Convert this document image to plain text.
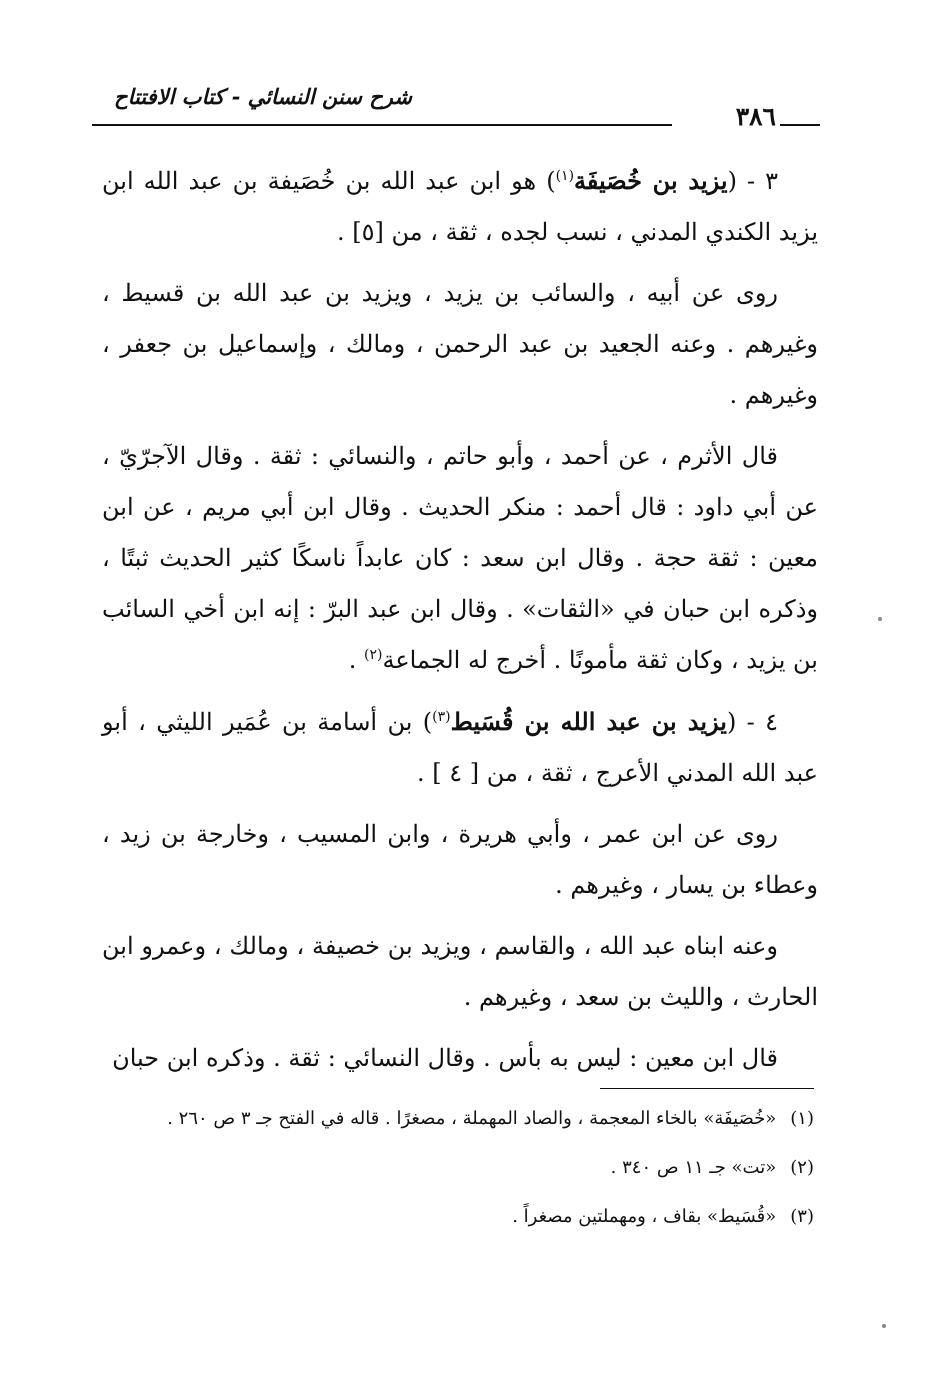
شرح سنن النسائي - كتاب الافتتاح
٣٨٦

٣ - (يزيد بن خُصَيفَة$^{(١)}$) هو ابن عبد الله بن خُصَيفة بن عبد الله ابن يزيد الكندي المدني ، نسب لجده ، ثقة ، من [٥] .

روى عن أبيه ، والسائب بن يزيد ، ويزيد بن عبد الله بن قسيط ، وغيرهم . وعنه الجعيد بن عبد الرحمن ، ومالك ، وإسماعيل بن جعفر ، وغيرهم .

قال الأثرم ، عن أحمد ، وأبو حاتم ، والنسائي : ثقة . وقال الآجرّيّ ، عن أبي داود : قال أحمد : منكر الحديث . وقال ابن أبي مريم ، عن ابن معين : ثقة حجة . وقال ابن سعد : كان عابداً ناسكًا كثير الحديث ثبتًا ، وذكره ابن حبان في «الثقات» . وقال ابن عبد البرّ : إنه ابن أخي السائب بن يزيد ، وكان ثقة مأمونًا . أخرج له الجماعة$^{(٢)}$ .

٤ - (يزيد بن عبد الله بن قُسَيط$^{(٣)}$) بن أسامة بن عُمَير الليثي ، أبو عبد الله المدني الأعرج ، ثقة ، من [ ٤ ] .

روى عن ابن عمر ، وأبي هريرة ، وابن المسيب ، وخارجة بن زيد ، وعطاء بن يسار ، وغيرهم .

وعنه ابناه عبد الله ، والقاسم ، ويزيد بن خصيفة ، ومالك ، وعمرو ابن الحارث ، والليث بن سعد ، وغيرهم .

قال ابن معين : ليس به بأس . وقال النسائي : ثقة . وذكره ابن حبان

(١)«خُصَيفَة» بالخاء المعجمة ، والصاد المهملة ، مصغرًا . قاله في الفتح جـ ٣ ص ٢٦٠ .

(٢)«تت» جـ ١١ ص ٣٤٠ .

(٣)«قُسَيط» بقاف ، ومهملتين مصغراً .
